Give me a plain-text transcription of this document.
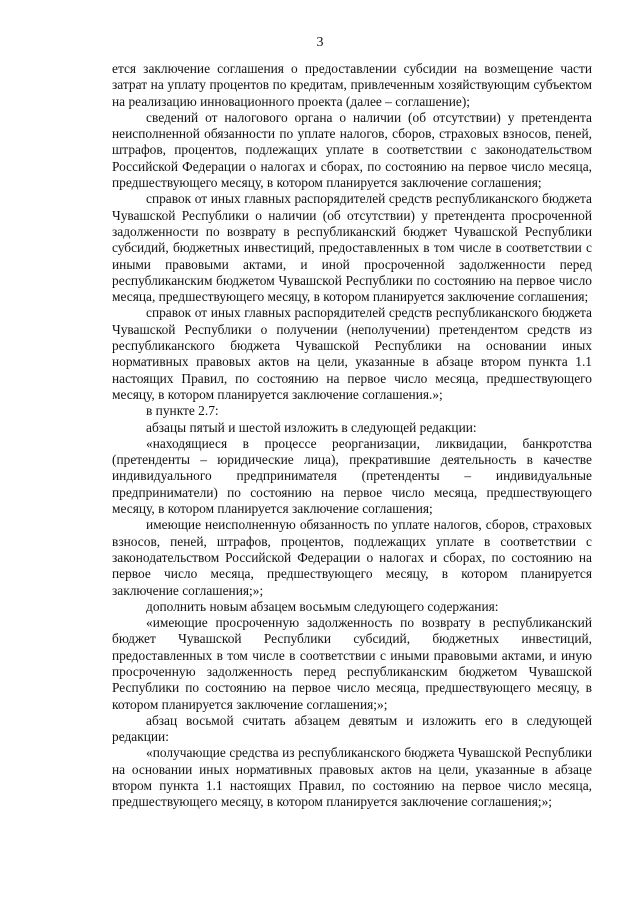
3

ется заключение соглашения о предоставлении субсидии на возмещение части затрат на уплату процентов по кредитам, привлеченным хозяйствующим субъектом на реализацию инновационного проекта (далее – соглашение);

сведений от налогового органа о наличии (об отсутствии) у претендента неисполненной обязанности по уплате налогов, сборов, страховых взносов, пеней, штрафов, процентов, подлежащих уплате в соответствии с законодательством Российской Федерации о налогах и сборах, по состоянию на первое число месяца, предшествующего месяцу, в котором планируется заключение соглашения;

справок от иных главных распорядителей средств республиканского бюджета Чувашской Республики о наличии (об отсутствии) у претендента просроченной задолженности по возврату в республиканский бюджет Чувашской Республики субсидий, бюджетных инвестиций, предоставленных в том числе в соответствии с иными правовыми актами, и иной просроченной задолженности перед республиканским бюджетом Чувашской Республики по состоянию на первое число месяца, предшествующего месяцу, в котором планируется заключение соглашения;

справок от иных главных распорядителей средств республиканского бюджета Чувашской Республики о получении (неполучении) претендентом средств из республиканского бюджета Чувашской Республики на основании иных нормативных правовых актов на цели, указанные в абзаце втором пункта 1.1 настоящих Правил, по состоянию на первое число месяца, предшествующего месяцу, в котором планируется заключение соглашения.»;

в пункте 2.7:

абзацы пятый и шестой изложить в следующей редакции:

«находящиеся в процессе реорганизации, ликвидации, банкротства (претенденты – юридические лица), прекратившие деятельность в качестве индивидуального предпринимателя (претенденты – индивидуальные предприниматели) по состоянию на первое число месяца, предшествующего месяцу, в котором планируется заключение соглашения;

имеющие неисполненную обязанность по уплате налогов, сборов, страховых взносов, пеней, штрафов, процентов, подлежащих уплате в соответствии с законодательством Российской Федерации о налогах и сборах, по состоянию на первое число месяца, предшествующего месяцу, в котором планируется заключение соглашения;»;

дополнить новым абзацем восьмым следующего содержания:

«имеющие просроченную задолженность по возврату в республиканский бюджет Чувашской Республики субсидий, бюджетных инвестиций, предоставленных в том числе в соответствии с иными правовыми актами, и иную просроченную задолженность перед республиканским бюджетом Чувашской Республики по состоянию на первое число месяца, предшествующего месяцу, в котором планируется заключение соглашения;»;

абзац восьмой считать абзацем девятым и изложить его в следующей редакции:

«получающие средства из республиканского бюджета Чувашской Республики на основании иных нормативных правовых актов на цели, указанные в абзаце втором пункта 1.1 настоящих Правил, по состоянию на первое число месяца, предшествующего месяцу, в котором планируется заключение соглашения;»;
